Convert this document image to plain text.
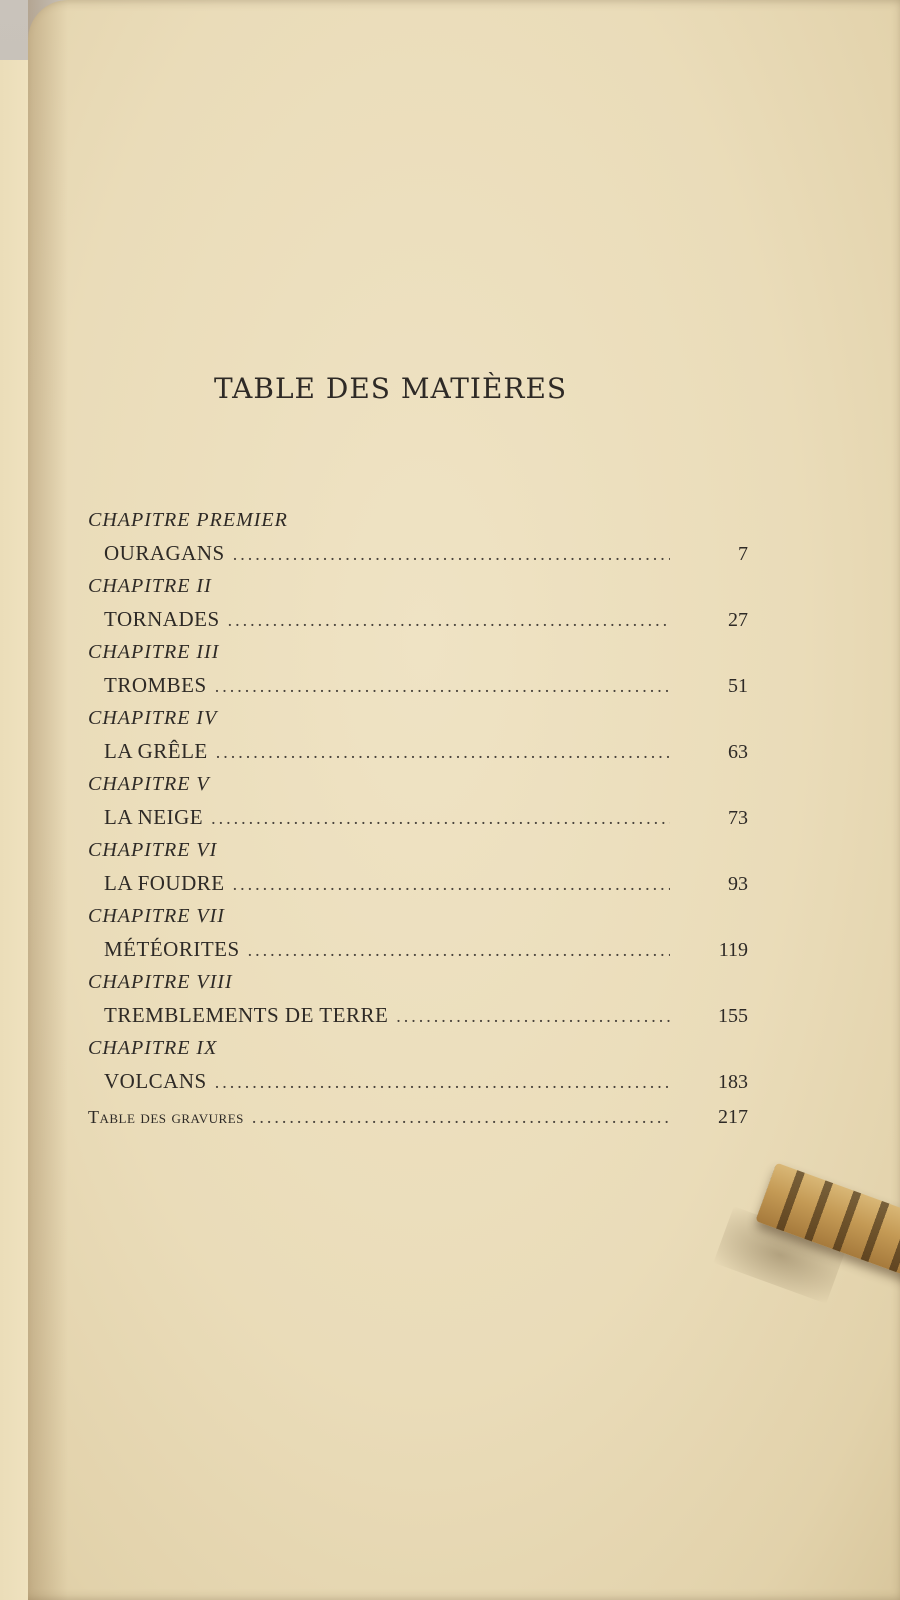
TABLE DES MATIÈRES
CHAPITRE PREMIER
OURAGANS .....	7
CHAPITRE II
TORNADES .....	27
CHAPITRE III
TROMBES .....	51
CHAPITRE IV
LA GRÊLE .....	63
CHAPITRE V
LA NEIGE .....	73
CHAPITRE VI
LA FOUDRE .....	93
CHAPITRE VII
MÉTÉORITES .....	119
CHAPITRE VIII
TREMBLEMENTS DE TERRE .....	155
CHAPITRE IX
VOLCANS .....	183
Table des gravures .....	217
